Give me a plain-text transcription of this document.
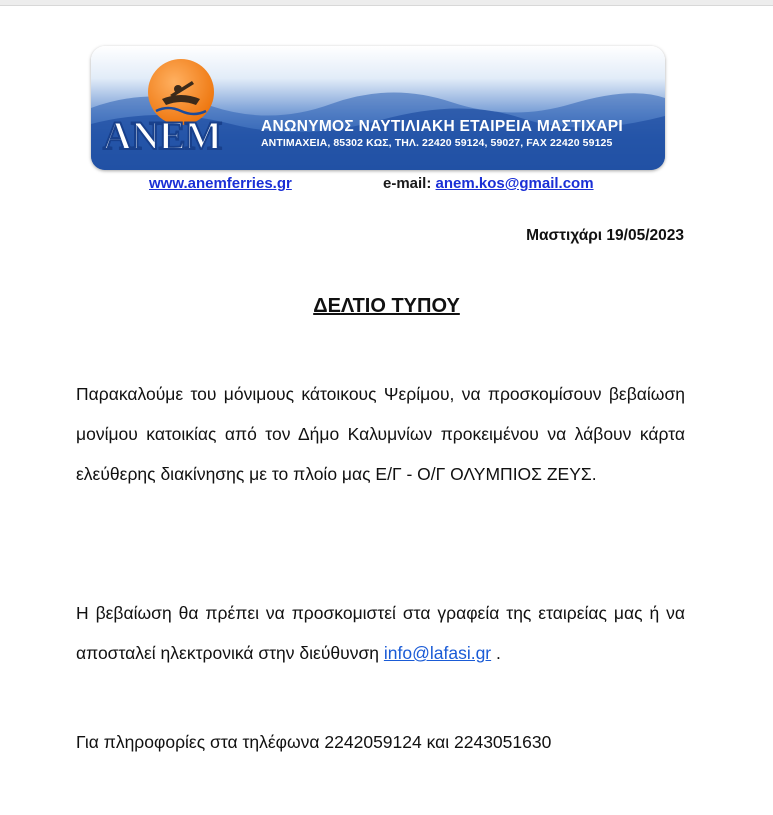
ANEM	ΑΝΩΝΥΜΟΣ ΝΑΥΤΙΛΙΑΚΗ ΕΤΑΙΡΕΙΑ ΜΑΣΤΙΧΑΡΙ
ΑΝΤΙΜΑΧΕΙΑ, 85302 ΚΩΣ, ΤΗΛ. 22420 59124, 59027, FAX 22420 59125
www.anemferries.gr	e-mail: anem.kos@gmail.com
Μαστιχάρι 19/05/2023
ΔΕΛΤΙΟ ΤΥΠΟΥ
Παρακαλούμε του μόνιμους κάτοικους Ψερίμου, να προσκομίσουν βεβαίωση μονίμου κατοικίας από τον Δήμο Καλυμνίων προκειμένου να λάβουν κάρτα ελεύθερης διακίνησης με το πλοίο μας Ε/Γ - Ο/Γ ΟΛΥΜΠΙΟΣ ΖΕΥΣ.
Η βεβαίωση θα πρέπει να προσκομιστεί στα γραφεία της εταιρείας μας ή να αποσταλεί ηλεκτρονικά στην διεύθυνση info@lafasi.gr .
Για πληροφορίες στα τηλέφωνα 2242059124 και 2243051630
